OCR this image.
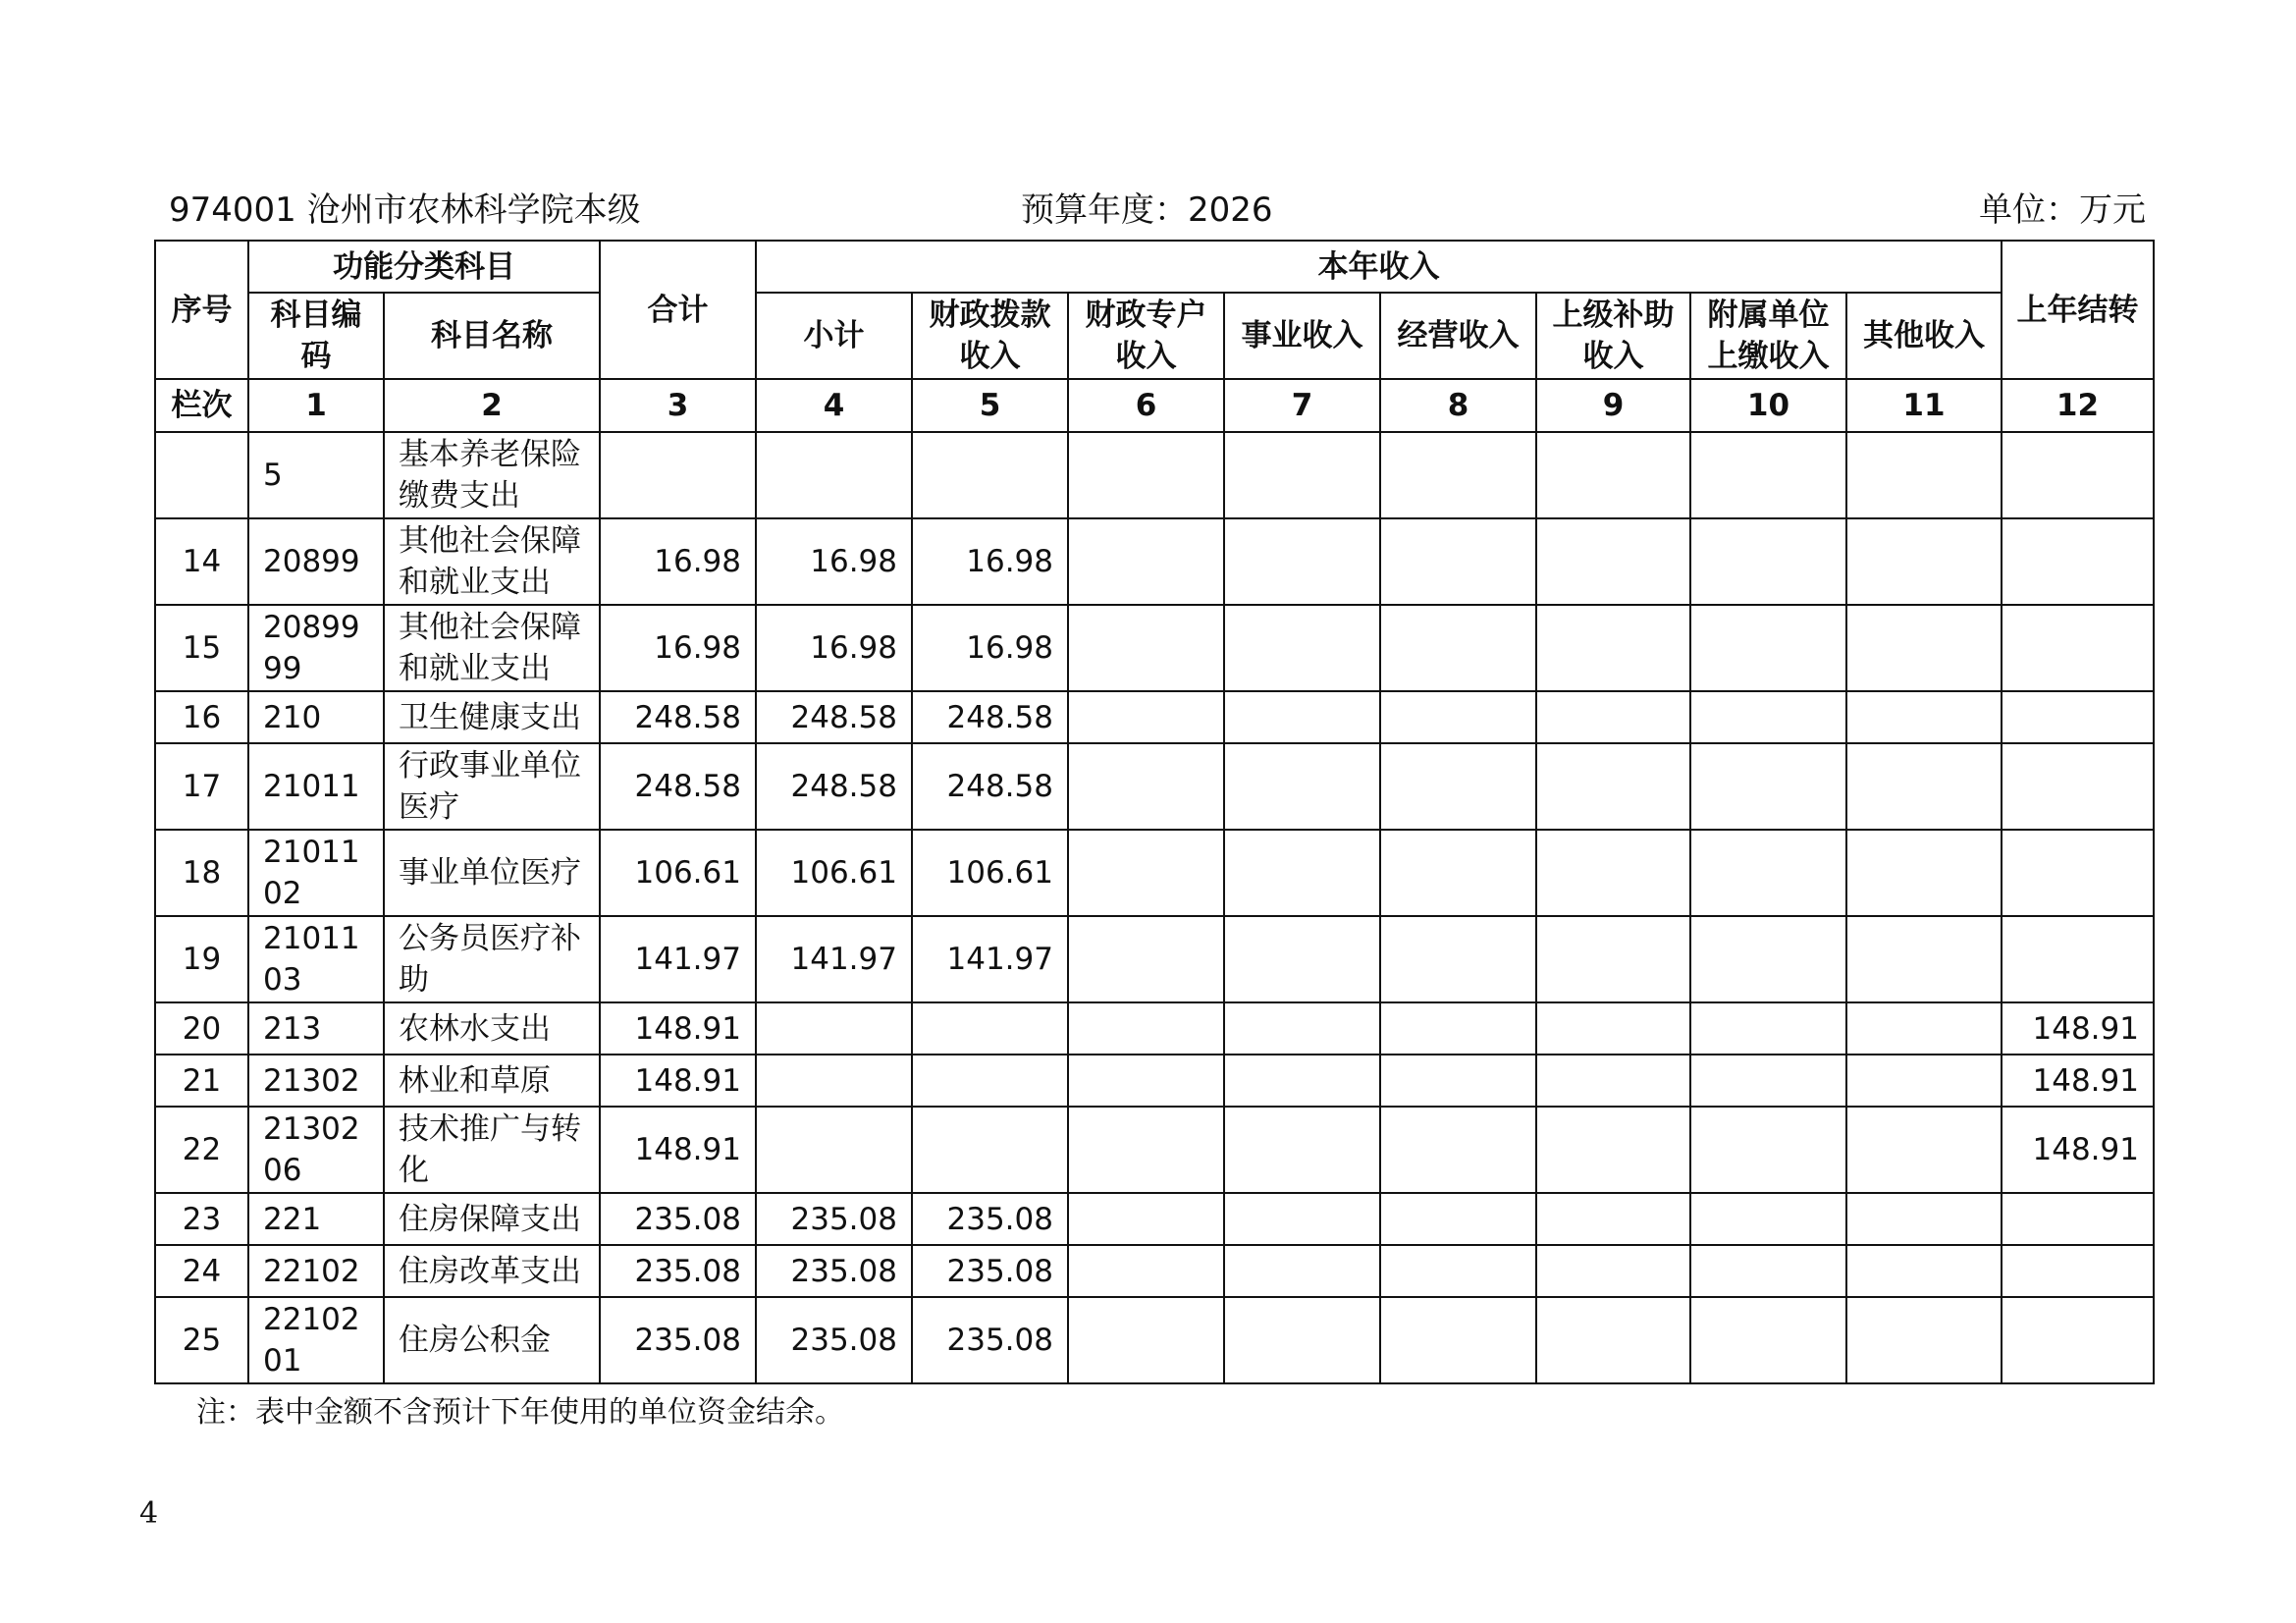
974001 沧州市农林科学院本级	预算年度：2026	单位：万元
序号	功能分类科目		合计	本年收入								上年结转
	科目编码	科目名称		小计	财政拨款收入	财政专户收入	事业收入	经营收入	上级补助收入	附属单位上缴收入	其他收入	
栏次	1	2	3	4	5	6	7	8	9	10	11	12
	5	基本养老保险缴费支出										
14	20899	其他社会保障和就业支出	16.98	16.98	16.98							
15	2089999	其他社会保障和就业支出	16.98	16.98	16.98							
16	210	卫生健康支出	248.58	248.58	248.58							
17	21011	行政事业单位医疗	248.58	248.58	248.58							
18	2101102	事业单位医疗	106.61	106.61	106.61							
19	2101103	公务员医疗补助	141.97	141.97	141.97							
20	213	农林水支出	148.91									148.91
21	21302	林业和草原	148.91									148.91
22	2130206	技术推广与转化	148.91									148.91
23	221	住房保障支出	235.08	235.08	235.08							
24	22102	住房改革支出	235.08	235.08	235.08							
25	2210201	住房公积金	235.08	235.08	235.08							
注：表中金额不含预计下年使用的单位资金结余。
4
